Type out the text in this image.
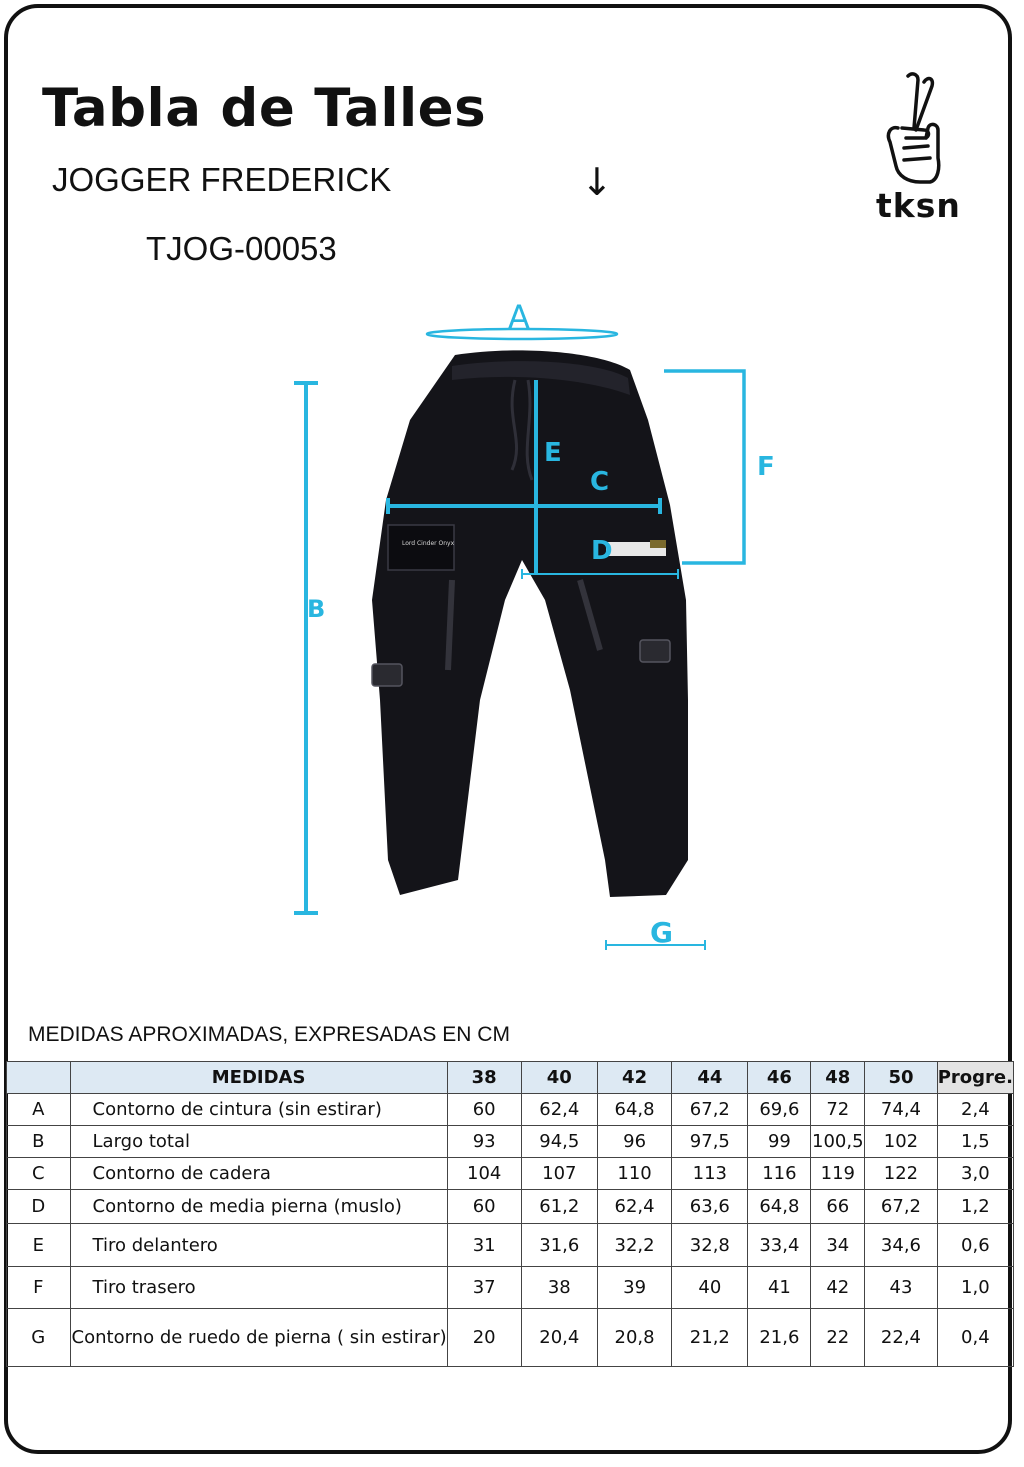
Tabla de Talles
JOGGER FREDERICK
TJOG-00053
↓
tksn
Lord Cinder Onyx
A
B
C
D
E	F
G
MEDIDAS APROXIMADAS, EXPRESADAS EN CM
	MEDIDAS	38	40	42	44	46	48	50	Progre.
A	Contorno de cintura (sin estirar)	60	62,4	64,8	67,2	69,6	72	74,4	2,4
B	Largo total	93	94,5	96	97,5	99	100,5	102	1,5
C	Contorno de cadera	104	107	110	113	116	119	122	3,0
D	Contorno de media pierna (muslo)	60	61,2	62,4	63,6	64,8	66	67,2	1,2
E	Tiro delantero	31	31,6	32,2	32,8	33,4	34	34,6	0,6
F	Tiro trasero	37	38	39	40	41	42	43	1,0
G	Contorno de ruedo de pierna ( sin estirar)	20	20,4	20,8	21,2	21,6	22	22,4	0,4
